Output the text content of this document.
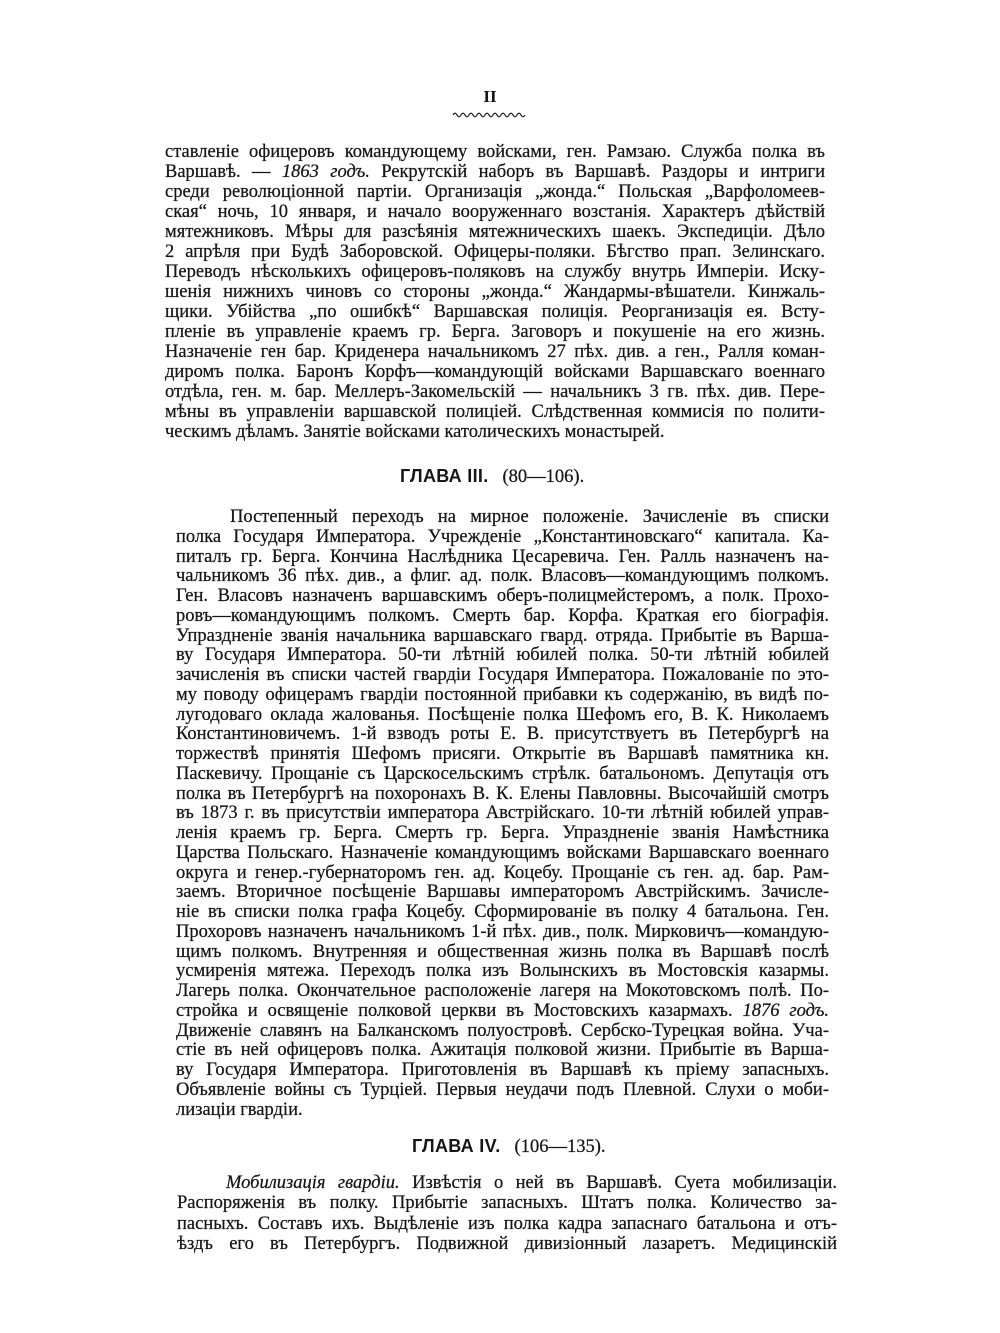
II
ставленіе офицеровъ командующему войсками, ген. Рамзаю. Служба полка въ
Варшавѣ. — 1863 годъ. Рекрутскій наборъ въ Варшавѣ. Раздоры и интриги
среди революціонной партіи. Организація „жонда.“ Польская „Варфоломеев-
ская“ ночь, 10 января, и начало вооруженнаго возстанія. Характеръ дѣйствій
мятежниковъ. Мѣры для разсѣянія мятежническихъ шаекъ. Экспедиціи. Дѣло
2 апрѣля при Будѣ Заборовской. Офицеры-поляки. Бѣгство прап. Зелинскаго.
Переводъ нѣсколькихъ офицеровъ-поляковъ на службу внутрь Имперіи. Иску-
шенія нижнихъ чиновъ со стороны „жонда.“ Жандармы-вѣшатели. Кинжаль-
щики. Убійства „по ошибкѣ“ Варшавская полиція. Реорганизація ея. Всту-
пленіе въ управленіе краемъ гр. Берга. Заговоръ и покушеніе на его жизнь.
Назначеніе ген бар. Криденера начальникомъ 27 пѣх. див. а ген., Ралля коман-
диромъ полка. Баронъ Корфъ—командующій войсками Варшавскаго военнаго
отдѣла, ген. м. бар. Меллеръ-Закомельскій — начальникъ 3 гв. пѣх. див. Пере-
мѣны въ управленіи варшавской полиціей. Слѣдственная коммисія по полити-
ческимъ дѣламъ. Занятіе войсками католическихъ монастырей.
ГЛАВА III. (80—106).
Постепенный переходъ на мирное положеніе. Зачисленіе въ списки
полка Государя Императора. Учрежденіе „Константиновскаго“ капитала. Ка-
питалъ гр. Берга. Кончина Наслѣдника Цесаревича. Ген. Ралль назначенъ на-
чальникомъ 36 пѣх. див., а флиг. ад. полк. Власовъ—командующимъ полкомъ.
Ген. Власовъ назначенъ варшавскимъ оберъ-полицмейстеромъ, а полк. Прохо-
ровъ—командующимъ полкомъ. Смерть бар. Корфа. Краткая его біографія.
Упраздненіе званія начальника варшавскаго гвард. отряда. Прибытіе въ Варша-
ву Государя Императора. 50-ти лѣтній юбилей полка. 50-ти лѣтній юбилей
зачисленія въ списки частей гвардіи Государя Императора. Пожалованіе по это-
му поводу офицерамъ гвардіи постоянной прибавки къ содержанію, въ видѣ по-
лугодоваго оклада жалованья. Посѣщеніе полка Шефомъ его, В. К. Николаемъ
Константиновичемъ. 1-й взводъ роты Е. В. присутствуетъ въ Петербургѣ на
торжествѣ принятія Шефомъ присяги. Открытіе въ Варшавѣ памятника кн.
Паскевичу. Прощаніе съ Царскосельскимъ стрѣлк. батальономъ. Депутація отъ
полка въ Петербургѣ на похоронахъ В. К. Елены Павловны. Высочайшій смотръ
въ 1873 г. въ присутствіи императора Австрійскаго. 10-ти лѣтній юбилей управ-
ленія краемъ гр. Берга. Смерть гр. Берга. Упраздненіе званія Намѣстника
Царства Польскаго. Назначеніе командующимъ войсками Варшавскаго военнаго
округа и генер.-губернаторомъ ген. ад. Коцебу. Прощаніе съ ген. ад. бар. Рам-
заемъ. Вторичное посѣщеніе Варшавы императоромъ Австрійскимъ. Зачисле-
ніе въ списки полка графа Коцебу. Сформированіе въ полку 4 батальона. Ген.
Прохоровъ назначенъ начальникомъ 1-й пѣх. див., полк. Мирковичъ—командую-
щимъ полкомъ. Внутренняя и общественная жизнь полка въ Варшавѣ послѣ
усмиренія мятежа. Переходъ полка изъ Волынскихъ въ Мостовскія казармы.
Лагерь полка. Окончательное расположеніе лагеря на Мокотовскомъ полѣ. По-
стройка и освященіе полковой церкви въ Мостовскихъ казармахъ. 1876 годъ.
Движеніе славянъ на Балканскомъ полуостровѣ. Сербско-Турецкая война. Уча-
стіе въ ней офицеровъ полка. Ажитація полковой жизни. Прибытіе въ Варша-
ву Государя Императора. Приготовленія въ Варшавѣ къ пріему запасныхъ.
Объявленіе войны съ Турціей. Первыя неудачи подъ Плевной. Слухи о моби-
лизаціи гвардіи.
ГЛАВА IV. (106—135).
Мобилизація гвардіи. Извѣстія о ней въ Варшавѣ. Суета мобилизаціи.
Распоряженія въ полку. Прибытіе запасныхъ. Штатъ полка. Количество за-
пасныхъ. Составъ ихъ. Выдѣленіе изъ полка кадра запаснаго батальона и отъ-
ѣздъ его въ Петербургъ. Подвижной дивизіонный лазаретъ. Медицинскій
